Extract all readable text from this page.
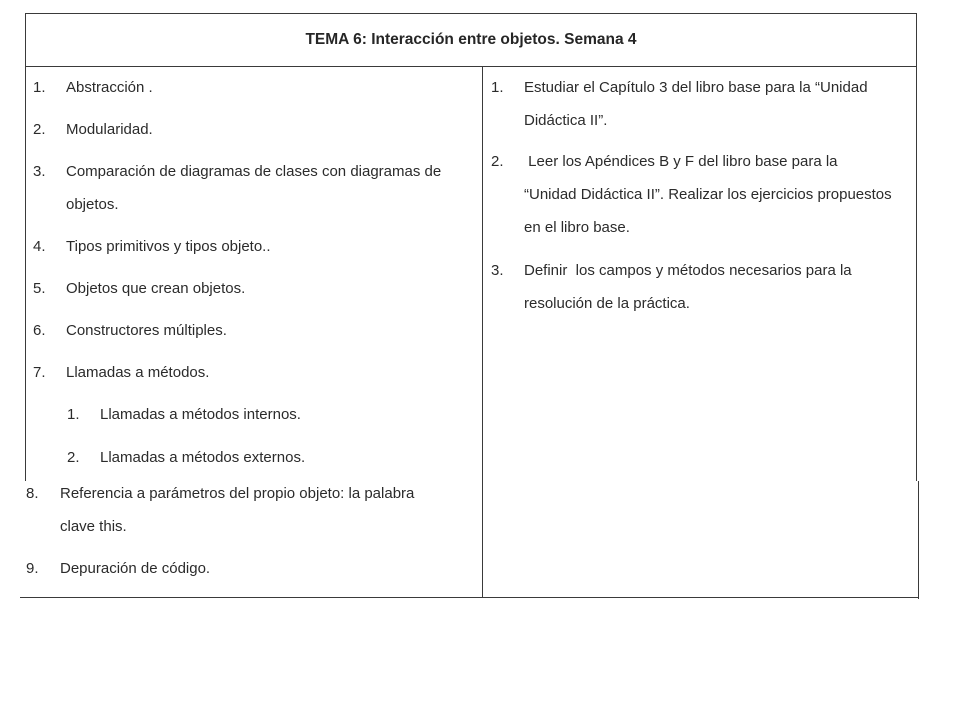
TEMA 6: Interacción entre objetos. Semana 4
1. Abstracción .
2. Modularidad.
3. Comparación de diagramas de clases con diagramas de
objetos.
4. Tipos primitivos y tipos objeto..
5. Objetos que crean objetos.
6. Constructores múltiples.
7. Llamadas a métodos.
1. Llamadas a métodos internos.
2. Llamadas a métodos externos.
8. Referencia a parámetros del propio objeto: la palabra
clave this.
9. Depuración de código.
1. Estudiar el Capítulo 3 del libro base para la “Unidad
Didáctica II”.
2. Leer los Apéndices B y F del libro base para la
“Unidad Didáctica II”. Realizar los ejercicios propuestos
en el libro base.
3. Definir  los campos y métodos necesarios para la
resolución de la práctica.
